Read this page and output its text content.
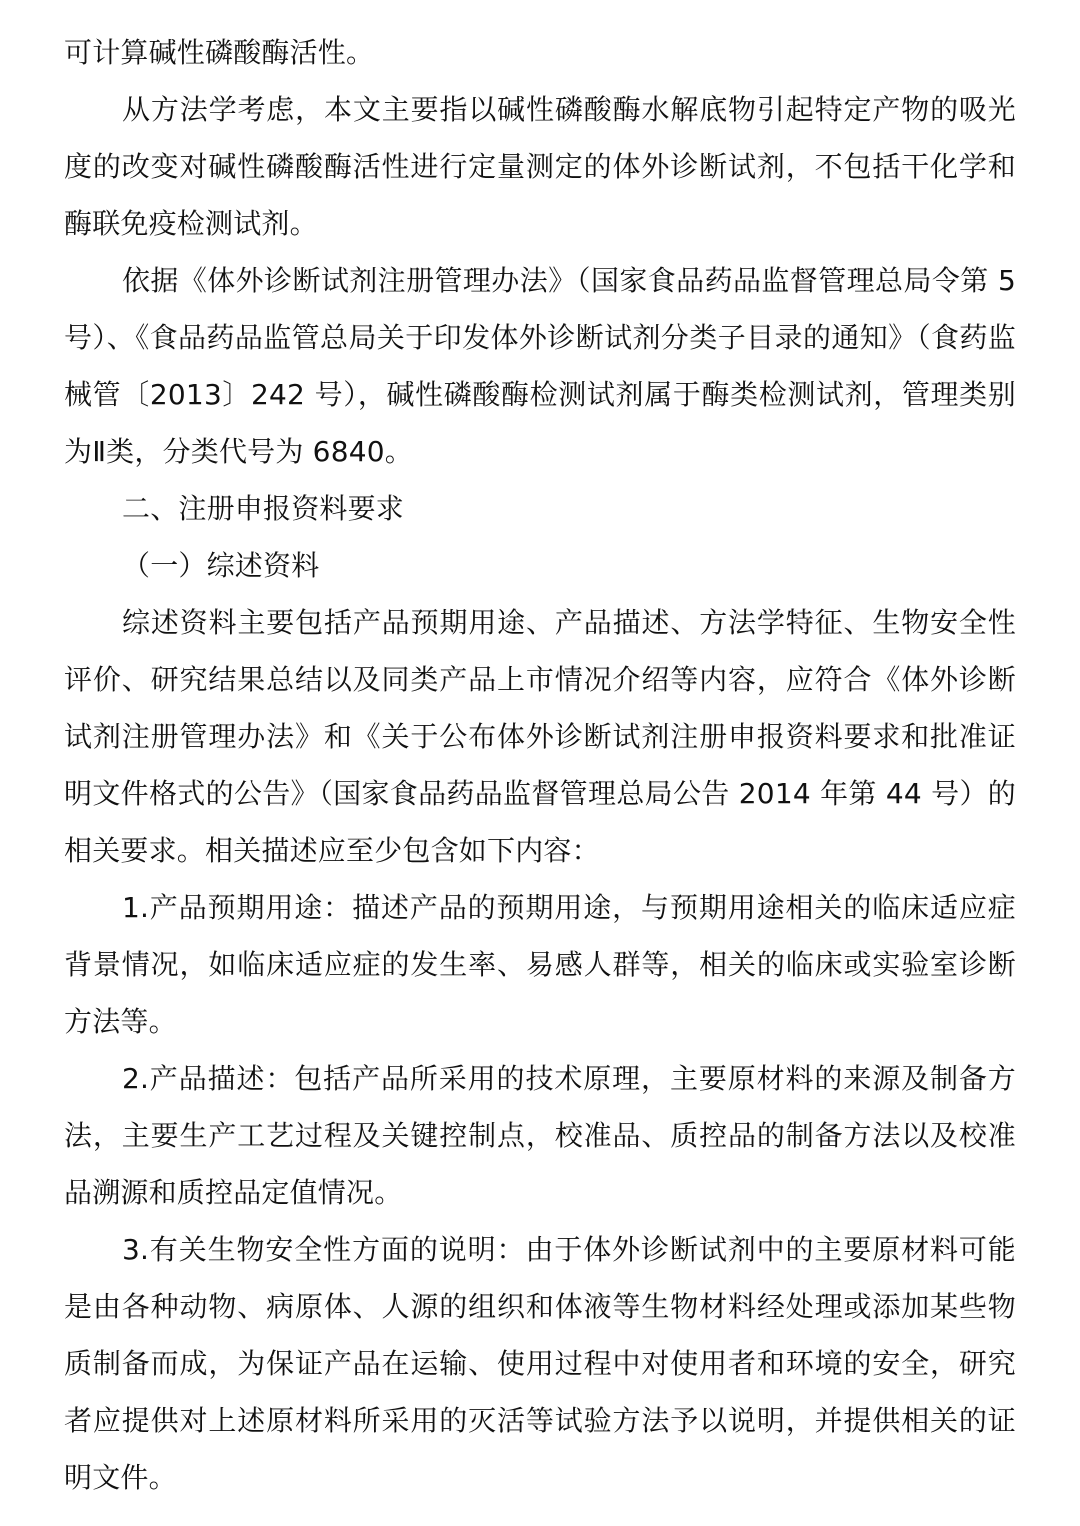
可计算碱性磷酸酶活性。

从方法学考虑，本文主要指以碱性磷酸酶水解底物引起特定产物的吸光度的改变对碱性磷酸酶活性进行定量测定的体外诊断试剂，不包括干化学和酶联免疫检测试剂。

依据《体外诊断试剂注册管理办法》（国家食品药品监督管理总局令第 5 号）、《食品药品监管总局关于印发体外诊断试剂分类子目录的通知》（食药监械管〔2013〕242 号），碱性磷酸酶检测试剂属于酶类检测试剂，管理类别为Ⅱ类，分类代号为 6840。

二、注册申报资料要求

（一）综述资料

综述资料主要包括产品预期用途、产品描述、方法学特征、生物安全性评价、研究结果总结以及同类产品上市情况介绍等内容，应符合《体外诊断试剂注册管理办法》和《关于公布体外诊断试剂注册申报资料要求和批准证明文件格式的公告》（国家食品药品监督管理总局公告 2014 年第 44 号）的相关要求。相关描述应至少包含如下内容：

1.产品预期用途：描述产品的预期用途，与预期用途相关的临床适应症背景情况，如临床适应症的发生率、易感人群等，相关的临床或实验室诊断方法等。

2.产品描述：包括产品所采用的技术原理，主要原材料的来源及制备方法，主要生产工艺过程及关键控制点，校准品、质控品的制备方法以及校准品溯源和质控品定值情况。

3.有关生物安全性方面的说明：由于体外诊断试剂中的主要原材料可能是由各种动物、病原体、人源的组织和体液等生物材料经处理或添加某些物质制备而成，为保证产品在运输、使用过程中对使用者和环境的安全，研究者应提供对上述原材料所采用的灭活等试验方法予以说明，并提供相关的证明文件。
